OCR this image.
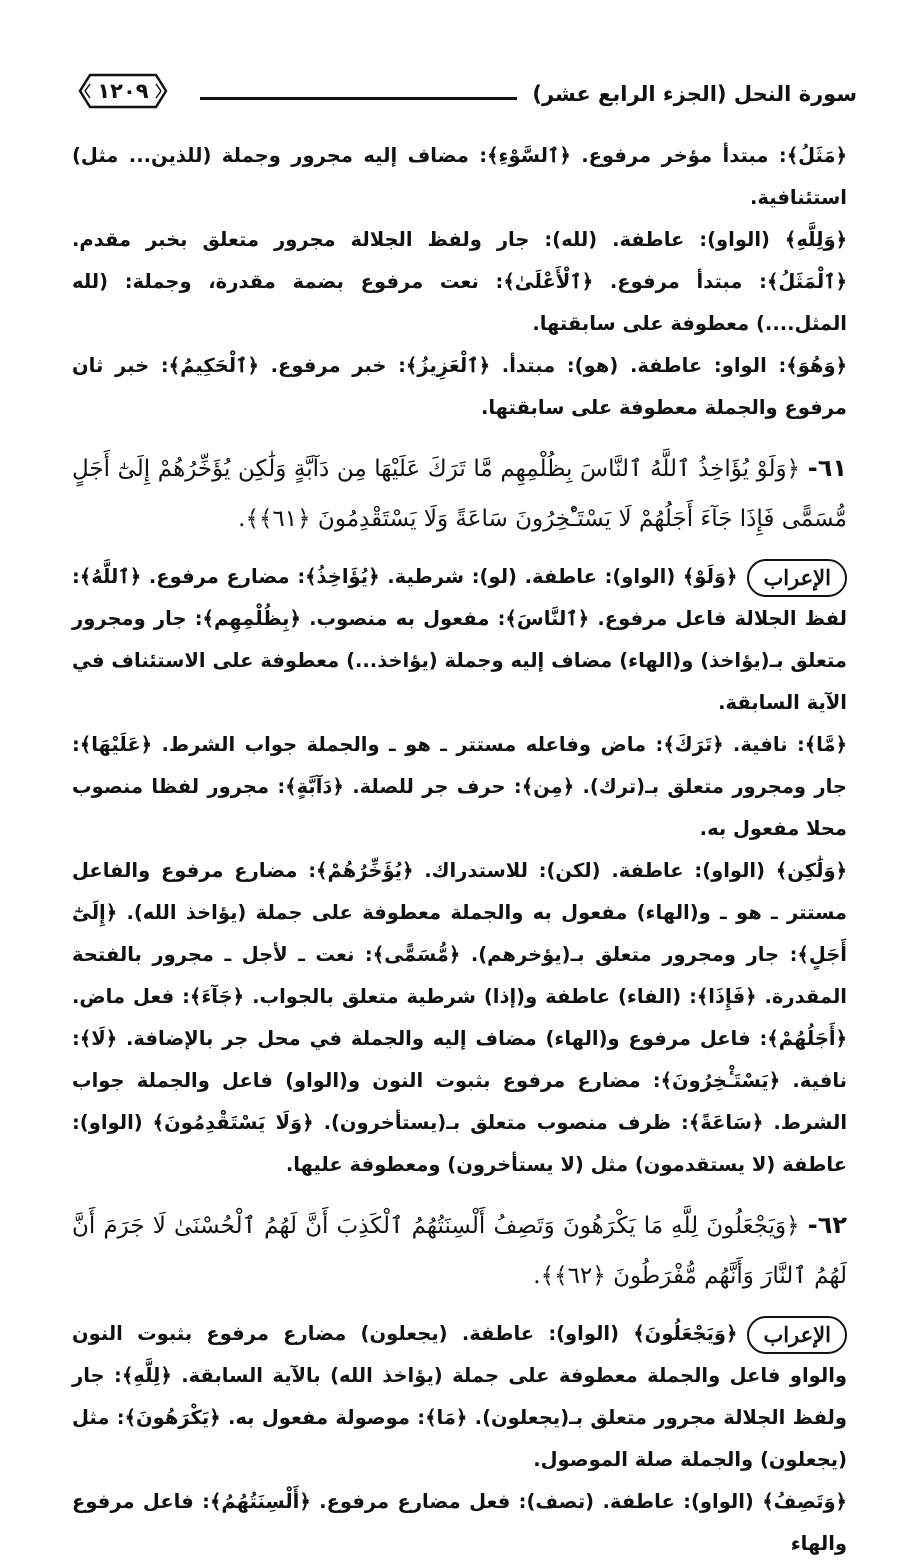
سورة النحل (الجزء الرابع عشر)
١٢٠٩

﴿مَثَلُ﴾: مبتدأ مؤخر مرفوع. ﴿ٱلسَّوْءِ﴾: مضاف إليه مجرور وجملة (للذين... مثل) استئنافية.

﴿وَلِلَّهِ﴾ (الواو): عاطفة. (لله): جار ولفظ الجلالة مجرور متعلق بخبر مقدم. ﴿ٱلْمَثَلُ﴾: مبتدأ مرفوع. ﴿ٱلْأَعْلَىٰ﴾: نعت مرفوع بضمة مقدرة، وجملة: (لله المثل....) معطوفة على سابقتها.

﴿وَهُوَ﴾: الواو: عاطفة. (هو): مبتدأ. ﴿ٱلْعَزِيزُ﴾: خبر مرفوع. ﴿ٱلْحَكِيمُ﴾: خبر ثان مرفوع والجملة معطوفة على سابقتها.

٦١- ﴿وَلَوْ يُؤَاخِذُ ٱللَّهُ ٱلنَّاسَ بِظُلْمِهِم مَّا تَرَكَ عَلَيْهَا مِن دَآبَّةٍ وَلَٰكِن يُؤَخِّرُهُمْ إِلَىٰٓ أَجَلٍ مُّسَمًّى فَإِذَا جَآءَ أَجَلُهُمْ لَا يَسْتَـْٔخِرُونَ سَاعَةً وَلَا يَسْتَقْدِمُونَ ﴿٦١﴾﴾.

الإعراب﴿وَلَوْ﴾ (الواو): عاطفة. (لو): شرطية. ﴿يُؤَاخِذُ﴾: مضارع مرفوع. ﴿ٱللَّهُ﴾: لفظ الجلالة فاعل مرفوع. ﴿ٱلنَّاسَ﴾: مفعول به منصوب. ﴿بِظُلْمِهِم﴾: جار ومجرور متعلق بـ(يؤاخذ) و(الهاء) مضاف إليه وجملة (يؤاخذ...) معطوفة على الاستئناف في الآية السابقة.

﴿مَّا﴾: نافية. ﴿تَرَكَ﴾: ماض وفاعله مستتر ـ هو ـ والجملة جواب الشرط. ﴿عَلَيْهَا﴾: جار ومجرور متعلق بـ(ترك). ﴿مِن﴾: حرف جر للصلة. ﴿دَآبَّةٍ﴾: مجرور لفظا منصوب محلا مفعول به.

﴿وَلَٰكِن﴾ (الواو): عاطفة. (لكن): للاستدراك. ﴿يُؤَخِّرُهُمْ﴾: مضارع مرفوع والفاعل مستتر ـ هو ـ و(الهاء) مفعول به والجملة معطوفة على جملة (يؤاخذ الله). ﴿إِلَىٰٓ أَجَلٍ﴾: جار ومجرور متعلق بـ(يؤخرهم). ﴿مُّسَمًّى﴾: نعت ـ لأجل ـ مجرور بالفتحة المقدرة. ﴿فَإِذَا﴾: (الفاء) عاطفة و(إذا) شرطية متعلق بالجواب. ﴿جَآءَ﴾: فعل ماض. ﴿أَجَلُهُمْ﴾: فاعل مرفوع و(الهاء) مضاف إليه والجملة في محل جر بالإضافة. ﴿لَا﴾: نافية. ﴿يَسْتَـْٔخِرُونَ﴾: مضارع مرفوع بثبوت النون و(الواو) فاعل والجملة جواب الشرط. ﴿سَاعَةً﴾: ظرف منصوب متعلق بـ(يستأخرون). ﴿وَلَا يَسْتَقْدِمُونَ﴾ (الواو): عاطفة (لا يستقدمون) مثل (لا يستأخرون) ومعطوفة عليها.

٦٢- ﴿وَيَجْعَلُونَ لِلَّهِ مَا يَكْرَهُونَ وَتَصِفُ أَلْسِنَتُهُمُ ٱلْكَذِبَ أَنَّ لَهُمُ ٱلْحُسْنَىٰ لَا جَرَمَ أَنَّ لَهُمُ ٱلنَّارَ وَأَنَّهُم مُّفْرَطُونَ ﴿٦٢﴾﴾.

الإعراب﴿وَيَجْعَلُونَ﴾ (الواو): عاطفة. (يجعلون) مضارع مرفوع بثبوت النون والواو فاعل والجملة معطوفة على جملة (يؤاخذ الله) بالآية السابقة. ﴿لِلَّهِ﴾: جار ولفظ الجلالة مجرور متعلق بـ(يجعلون). ﴿مَا﴾: موصولة مفعول به. ﴿يَكْرَهُونَ﴾: مثل (يجعلون) والجملة صلة الموصول.

﴿وَتَصِفُ﴾ (الواو): عاطفة. (تصف): فعل مضارع مرفوع. ﴿أَلْسِنَتُهُمُ﴾: فاعل مرفوع والهاء
